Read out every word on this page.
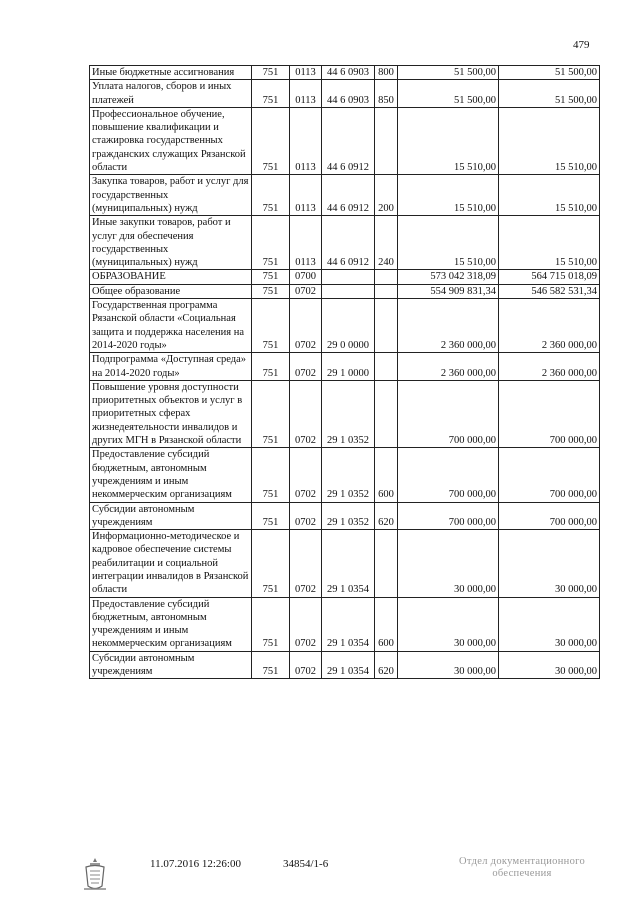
479
Иные бюджетные ассигнования	751	0113	44 6 0903	800	51 500,00	51 500,00
Уплата налогов, сборов и иных платежей	751	0113	44 6 0903	850	51 500,00	51 500,00
Профессиональное обучение, повышение квалификации и стажировка государственных гражданских служащих Рязанской области	751	0113	44 6 0912		15 510,00	15 510,00
Закупка товаров, работ и услуг для государственных (муниципальных) нужд	751	0113	44 6 0912	200	15 510,00	15 510,00
Иные закупки товаров, работ и услуг для обеспечения государственных (муниципальных) нужд	751	0113	44 6 0912	240	15 510,00	15 510,00
ОБРАЗОВАНИЕ	751	0700			573 042 318,09	564 715 018,09
Общее образование	751	0702			554 909 831,34	546 582 531,34
Государственная программа Рязанской области «Социальная защита и поддержка населения на 2014-2020 годы»	751	0702	29 0 0000		2 360 000,00	2 360 000,00
Подпрограмма «Доступная среда» на 2014-2020 годы»	751	0702	29 1 0000		2 360 000,00	2 360 000,00
Повышение уровня доступности приоритетных объектов и услуг в приоритетных сферах жизнедеятельности инвалидов и других МГН в Рязанской области	751	0702	29 1 0352		700 000,00	700 000,00
Предоставление субсидий бюджетным, автономным учреждениям и иным некоммерческим организациям	751	0702	29 1 0352	600	700 000,00	700 000,00
Субсидии автономным учреждениям	751	0702	29 1 0352	620	700 000,00	700 000,00
Информационно-методическое и кадровое обеспечение системы реабилитации и социальной интеграции инвалидов в Рязанской области	751	0702	29 1 0354		30 000,00	30 000,00
Предоставление субсидий бюджетным, автономным учреждениям и иным некоммерческим организациям	751	0702	29 1 0354	600	30 000,00	30 000,00
Субсидии автономным учреждениям	751	0702	29 1 0354	620	30 000,00	30 000,00
11.07.2016 12:26:00	34854/1-6	Отдел документационного обеспечения
